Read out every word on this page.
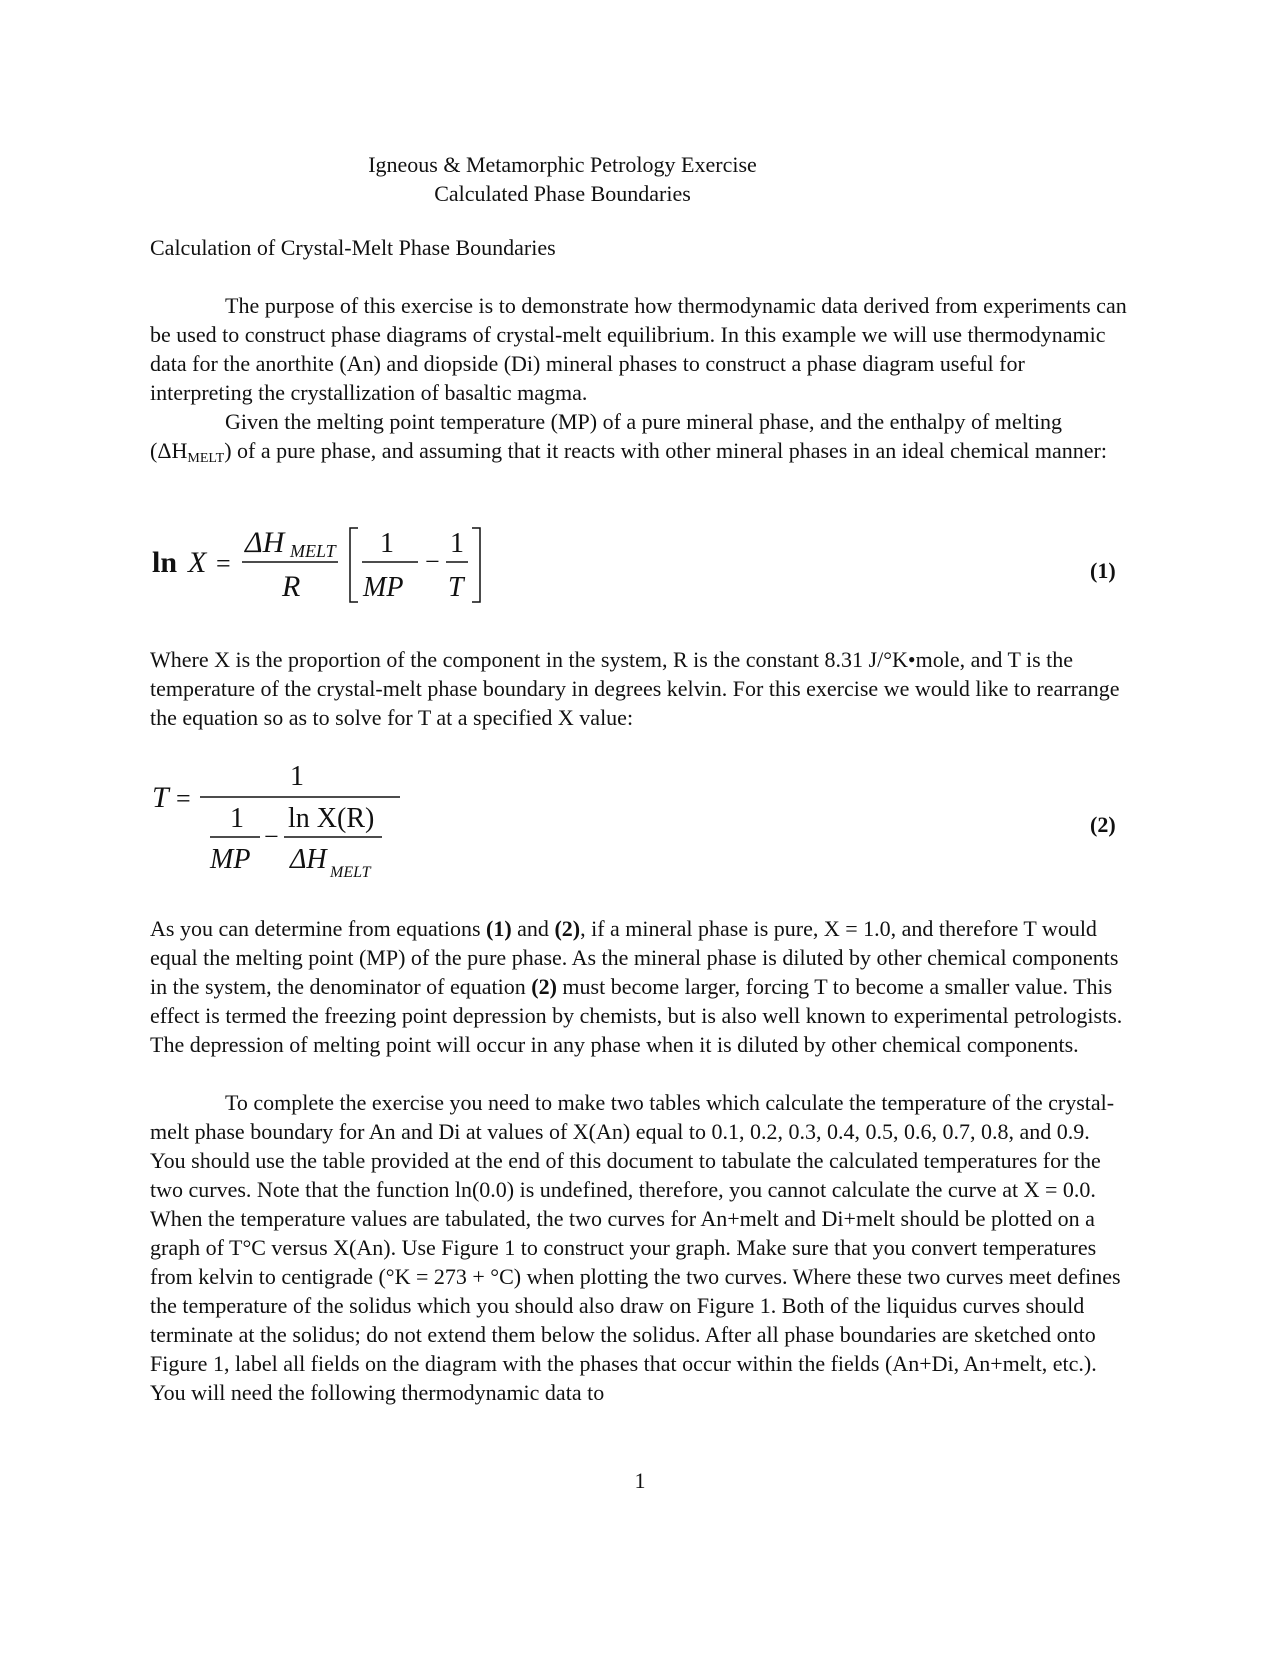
Igneous & Metamorphic Petrology Exercise
Calculated Phase Boundaries
Calculation of Crystal-Melt Phase Boundaries

The purpose of this exercise is to demonstrate how thermodynamic data derived from experiments can be used to construct phase diagrams of crystal-melt equilibrium. In this example we will use thermodynamic data for the anorthite (An) and diopside (Di) mineral phases to construct a phase diagram useful for interpreting the crystallization of basaltic magma.

Given the melting point temperature (MP) of a pure mineral phase, and the enthalpy of melting $(\Delta H_{MELT})$ of a pure phase, and assuming that it reacts with other mineral phases in an ideal chemical manner:

ln X =
ΔH MELT
R
1
MP
−
1
T
(1)

Where X is the proportion of the component in the system, R is the constant 8.31 J/°K•mole, and T is the temperature of the crystal-melt phase boundary in degrees kelvin. For this exercise we would like to rearrange the equation so as to solve for T at a specified X value:

T =
1
1
MP
−
ln X(R)
ΔH MELT
(2)

As you can determine from equations (1) and (2), if a mineral phase is pure, X = 1.0, and therefore T would equal the melting point (MP) of the pure phase. As the mineral phase is diluted by other chemical components in the system, the denominator of equation (2) must become larger, forcing T to become a smaller value. This effect is termed the freezing point depression by chemists, but is also well known to experimental petrologists. The depression of melting point will occur in any phase when it is diluted by other chemical components.

To complete the exercise you need to make two tables which calculate the temperature of the crystal-melt phase boundary for An and Di at values of X(An) equal to 0.1, 0.2, 0.3, 0.4, 0.5, 0.6, 0.7, 0.8, and 0.9. You should use the table provided at the end of this document to tabulate the calculated temperatures for the two curves. Note that the function ln(0.0) is undefined, therefore, you cannot calculate the curve at X = 0.0. When the temperature values are tabulated, the two curves for An+melt and Di+melt should be plotted on a graph of T°C versus X(An). Use Figure 1 to construct your graph. Make sure that you convert temperatures from kelvin to centigrade (°K = 273 + °C) when plotting the two curves. Where these two curves meet defines the temperature of the solidus which you should also draw on Figure 1. Both of the liquidus curves should terminate at the solidus; do not extend them below the solidus. After all phase boundaries are sketched onto Figure 1, label all fields on the diagram with the phases that occur within the fields (An+Di, An+melt, etc.). You will need the following thermodynamic data to

1
